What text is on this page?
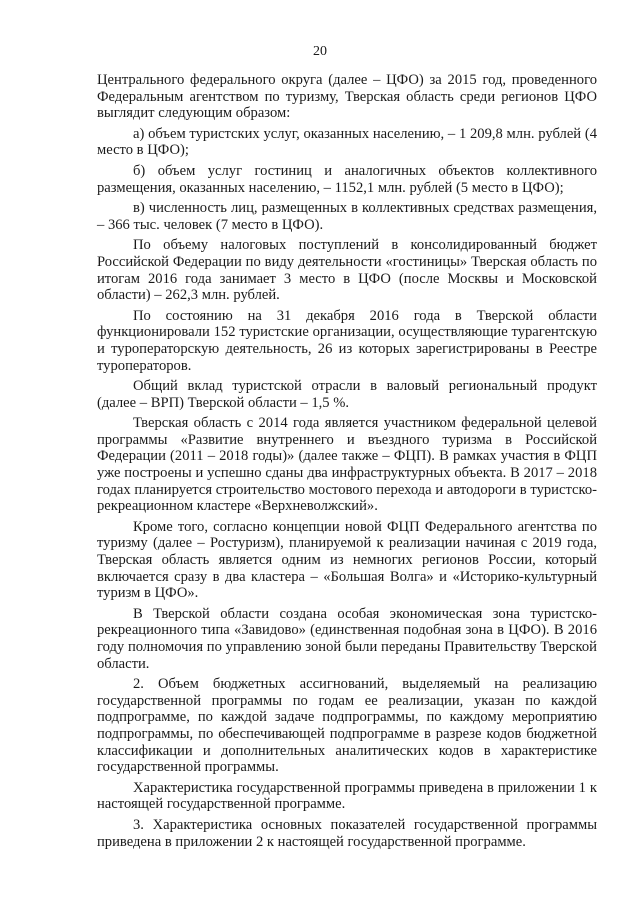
20

Центрального федерального округа (далее – ЦФО) за 2015 год, проведенного Федеральным агентством по туризму, Тверская область среди регионов ЦФО выглядит следующим образом:

а) объем туристских услуг, оказанных населению, – 1 209,8 млн. рублей (4 место в ЦФО);

б) объем услуг гостиниц и аналогичных объектов коллективного размещения, оказанных населению, – 1152,1 млн. рублей (5 место в ЦФО);

в) численность лиц, размещенных в коллективных средствах размещения, – 366 тыс. человек (7 место в ЦФО).

По объему налоговых поступлений в консолидированный бюджет Российской Федерации по виду деятельности «гостиницы» Тверская область по итогам 2016 года занимает 3 место в ЦФО (после Москвы и Московской области) – 262,3 млн. рублей.

По состоянию на 31 декабря 2016 года в Тверской области функционировали 152 туристские организации, осуществляющие турагентскую и туроператорскую деятельность, 26 из которых зарегистрированы в Реестре туроператоров.

Общий вклад туристской отрасли в валовый региональный продукт (далее – ВРП) Тверской области – 1,5 %.

Тверская область с 2014 года является участником федеральной целевой программы «Развитие внутреннего и въездного туризма в Российской Федерации (2011 – 2018 годы)» (далее также – ФЦП). В рамках участия в ФЦП уже построены и успешно сданы два инфраструктурных объекта. В 2017 – 2018 годах планируется строительство мостового перехода и автодороги в туристско-рекреационном кластере «Верхневолжский».

Кроме того, согласно концепции новой ФЦП Федерального агентства по туризму (далее – Ростуризм), планируемой к реализации начиная с 2019 года, Тверская область является одним из немногих регионов России, который включается сразу в два кластера – «Большая Волга» и «Историко-культурный туризм в ЦФО».

В Тверской области создана особая экономическая зона туристско-рекреационного типа «Завидово» (единственная подобная зона в ЦФО). В 2016 году полномочия по управлению зоной были переданы Правительству Тверской области.

2. Объем бюджетных ассигнований, выделяемый на реализацию государственной программы по годам ее реализации, указан по каждой подпрограмме, по каждой задаче подпрограммы, по каждому мероприятию подпрограммы, по обеспечивающей подпрограмме в разрезе кодов бюджетной классификации и дополнительных аналитических кодов в характеристике государственной программы.

Характеристика государственной программы приведена в приложении 1 к настоящей государственной программе.

3. Характеристика основных показателей государственной программы приведена в приложении 2 к настоящей государственной программе.
